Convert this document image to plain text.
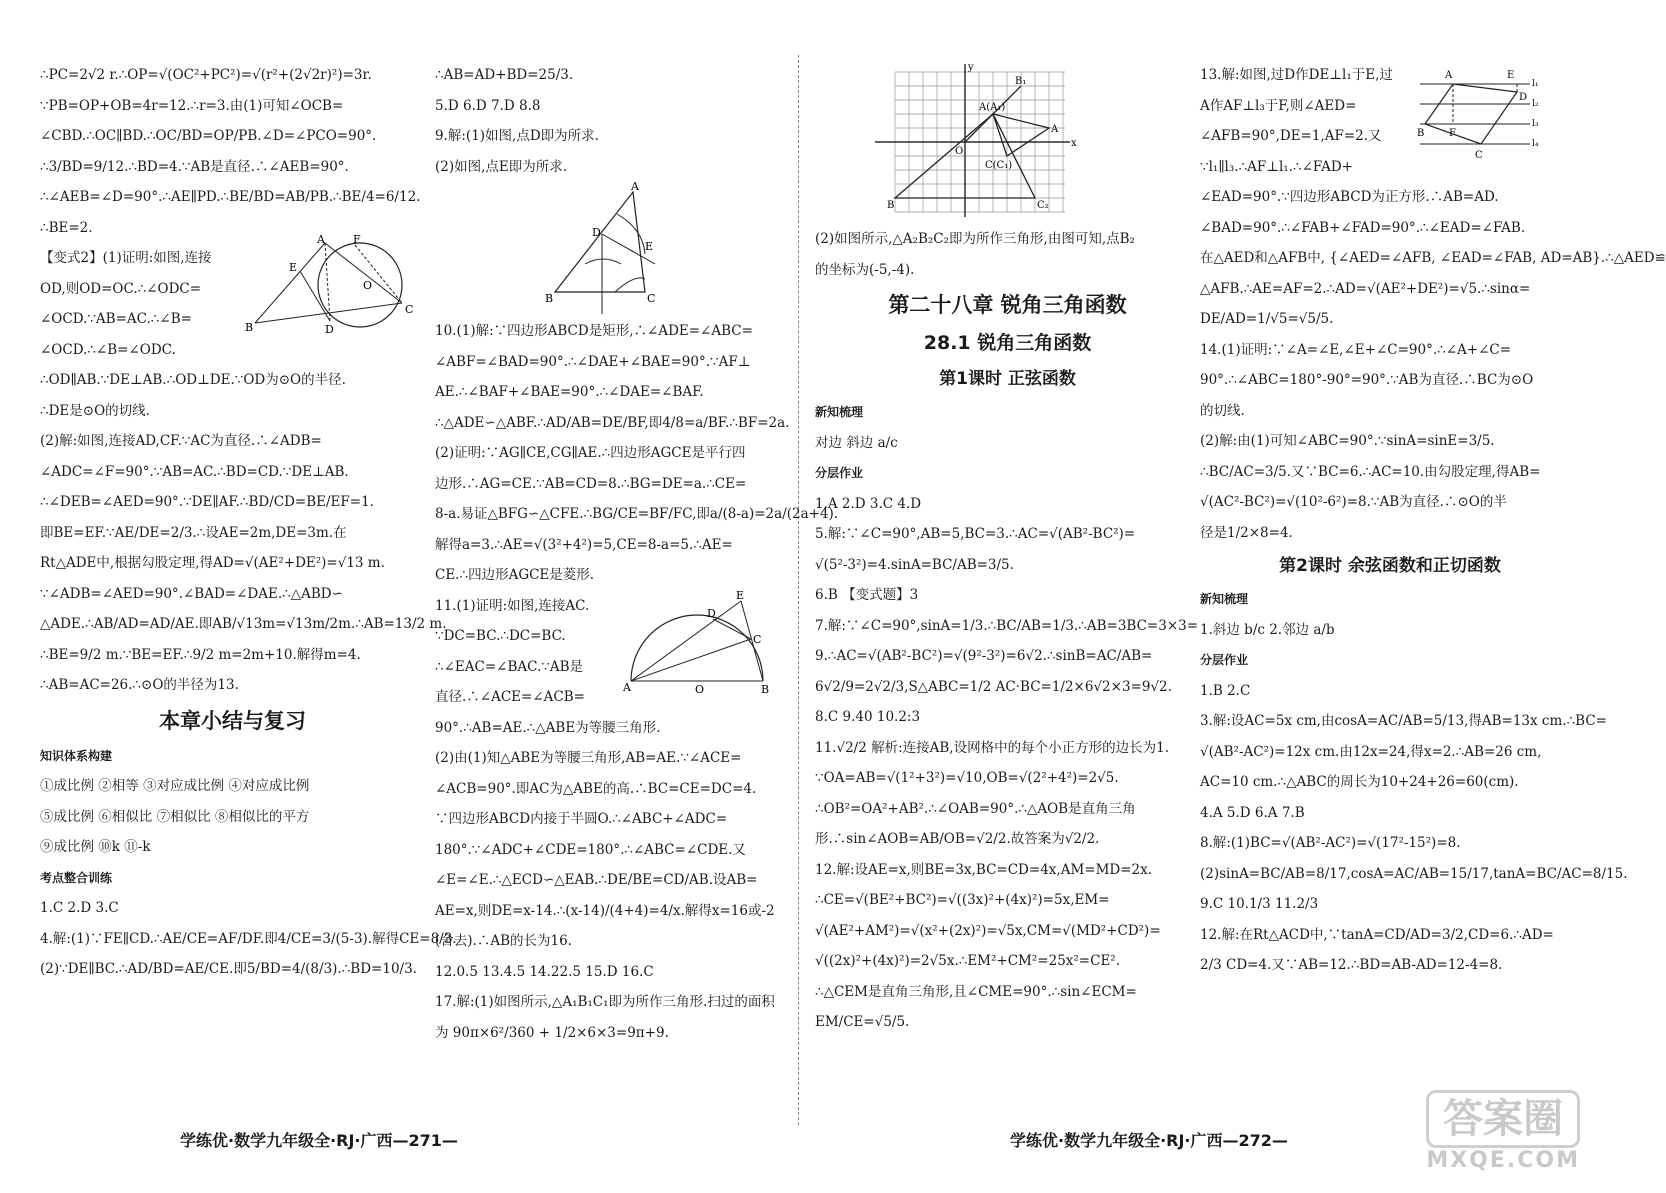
∴PC=2√2 r.∴OP=√(OC²+PC²)=√(r²+(2√2r)²)=3r.

∵PB=OP+OB=4r=12.∴r=3.由(1)可知∠OCB=

∠CBD.∴OC∥BD.∴OC/BD=OP/PB.∠D=∠PCO=90°.

∴3/BD=9/12.∴BD=4.∵AB是直径.∴∠AEB=90°.

∴∠AEB=∠D=90°.∴AE∥PD.∴BE/BD=AB/PB.∴BE/4=6/12.

∴BE=2.

【变式2】(1)证明:如图,连接

OD,则OD=OC.∴∠ODC=

∠OCD.∵AB=AC.∴∠B=

∠OCD.∴∠B=∠ODC.

B
E
A	F
O
D
C

∴OD∥AB.∵DE⊥AB.∴OD⊥DE.∵OD为⊙O的半径.

∴DE是⊙O的切线.

(2)解:如图,连接AD,CF.∵AC为直径.∴∠ADB=

∠ADC=∠F=90°.∵AB=AC.∴BD=CD.∵DE⊥AB.

∴∠DEB=∠AED=90°.∵DE∥AF.∴BD/CD=BE/EF=1.

即BE=EF.∵AE/DE=2/3.∴设AE=2m,DE=3m.在

Rt△ADE中,根据勾股定理,得AD=√(AE²+DE²)=√13 m.

∵∠ADB=∠AED=90°.∠BAD=∠DAE.∴△ABD∽

△ADE.∴AB/AD=AD/AE.即AB/√13m=√13m/2m.∴AB=13/2 m.

∴BE=9/2 m.∵BE=EF.∴9/2 m=2m+10.解得m=4.

∴AB=AC=26.∴⊙O的半径为13.

本章小结与复习

知识体系构建

①成比例 ②相等 ③对应成比例 ④对应成比例

⑤成比例 ⑥相似比 ⑦相似比 ⑧相似比的平方

⑨成比例 ⑩k ⑪-k

考点整合训练

1.C 2.D 3.C

4.解:(1)∵FE∥CD.∴AE/CE=AF/DF.即4/CE=3/(5-3).解得CE=8/3.

(2)∵DE∥BC.∴AD/BD=AE/CE.即5/BD=4/(8/3).∴BD=10/3.

∴AB=AD+BD=25/3.

5.D 6.D 7.D 8.8

9.解:(1)如图,点D即为所求.

(2)如图,点E即为所求.

A
D
E
B	C

10.(1)解:∵四边形ABCD是矩形,∴∠ADE=∠ABC=

∠ABF=∠BAD=90°.∴∠DAE+∠BAE=90°.∵AF⊥

AE.∴∠BAF+∠BAE=90°.∴∠DAE=∠BAF.

∴△ADE∽△ABF.∴AD/AB=DE/BF,即4/8=a/BF.∴BF=2a.

(2)证明:∵AG∥CE,CG∥AE.∴四边形AGCE是平行四

边形.∴AG=CE.∵AB=CD=8.∴BG=DE=a.∴CE=

8-a.易证△BFG∽△CFE.∴BG/CE=BF/FC,即a/(8-a)=2a/(2a+4).

解得a=3.∴AE=√(3²+4²)=5,CE=8-a=5.∴AE=

CE.∴四边形AGCE是菱形.

11.(1)证明:如图,连接AC.

∵DC=BC.∴DC=BC.

∴∠EAC=∠BAC.∵AB是

直径.∴∠ACE=∠ACB=

E
D
C
A	O	B

90°.∴AB=AE.∴△ABE为等腰三角形.

(2)由(1)知△ABE为等腰三角形,AB=AE.∵∠ACE=

∠ACB=90°.即AC为△ABE的高.∴BC=CE=DC=4.

∵四边形ABCD内接于半圆O.∴∠ABC+∠ADC=

180°.∵∠ADC+∠CDE=180°.∴∠ABC=∠CDE.又

∠E=∠E.∴△ECD∽△EAB.∴DE/BE=CD/AB.设AB=

AE=x,则DE=x-14.∴(x-14)/(4+4)=4/x.解得x=16或-2

(舍去).∴AB的长为16.

12.0.5 13.4.5 14.22.5 15.D 16.C

17.解:(1)如图所示,△A₁B₁C₁即为所作三角形.扫过的面积

为 90π×6²/360 + 1/2×6×3=9π+9.

y
x
O
A(A₁)
B₁
A
C(C₁)
B	C₂

(2)如图所示,△A₂B₂C₂即为所作三角形,由图可知,点B₂

的坐标为(-5,-4).

第二十八章 锐角三角函数

28.1 锐角三角函数

第1课时 正弦函数

新知梳理

对边 斜边 a/c

分层作业

1.A 2.D 3.C 4.D

5.解:∵∠C=90°,AB=5,BC=3.∴AC=√(AB²-BC²)=

√(5²-3²)=4.sinA=BC/AB=3/5.

6.B 【变式题】3

7.解:∵∠C=90°,sinA=1/3.∴BC/AB=1/3.∴AB=3BC=3×3=

9.∴AC=√(AB²-BC²)=√(9²-3²)=6√2.∴sinB=AC/AB=

6√2/9=2√2/3,S△ABC=1/2 AC·BC=1/2×6√2×3=9√2.

8.C 9.40 10.2:3

11.√2/2 解析:连接AB,设网格中的每个小正方形的边长为1.

∵OA=AB=√(1²+3²)=√10,OB=√(2²+4²)=2√5.

∴OB²=OA²+AB².∴∠OAB=90°.∴△AOB是直角三角

形.∴sin∠AOB=AB/OB=√2/2.故答案为√2/2.

12.解:设AE=x,则BE=3x,BC=CD=4x,AM=MD=2x.

∴CE=√(BE²+BC²)=√((3x)²+(4x)²)=5x,EM=

√(AE²+AM²)=√(x²+(2x)²)=√5x,CM=√(MD²+CD²)=

√((2x)²+(4x)²)=2√5x.∴EM²+CM²=25x²=CE².

∴△CEM是直角三角形,且∠CME=90°.∴sin∠ECM=

EM/CE=√5/5.

13.解:如图,过D作DE⊥l₁于E,过

A作AF⊥l₃于F,则∠AED=

∠AFB=90°,DE=1,AF=2.又

∵l₁∥l₃.∴AF⊥l₁.∴∠FAD+

A	E
D
B F
C
l₁
l₂
l₃
l₄

∠EAD=90°.∵四边形ABCD为正方形.∴AB=AD.

∠BAD=90°.∴∠FAB+∠FAD=90°.∴∠EAD=∠FAB.

在△AED和△AFB中, {∠AED=∠AFB, ∠EAD=∠FAB, AD=AB}.∴△AED≌

△AFB.∴AE=AF=2.∴AD=√(AE²+DE²)=√5.∴sinα=

DE/AD=1/√5=√5/5.

14.(1)证明:∵∠A=∠E,∠E+∠C=90°.∴∠A+∠C=

90°.∴∠ABC=180°-90°=90°.∵AB为直径.∴BC为⊙O

的切线.

(2)解:由(1)可知∠ABC=90°.∵sinA=sinE=3/5.

∴BC/AC=3/5.又∵BC=6.∴AC=10.由勾股定理,得AB=

√(AC²-BC²)=√(10²-6²)=8.∵AB为直径.∴⊙O的半

径是1/2×8=4.

第2课时 余弦函数和正切函数

新知梳理

1.斜边 b/c 2.邻边 a/b

分层作业

1.B 2.C

3.解:设AC=5x cm,由cosA=AC/AB=5/13,得AB=13x cm.∴BC=

√(AB²-AC²)=12x cm.由12x=24,得x=2.∴AB=26 cm,

AC=10 cm.∴△ABC的周长为10+24+26=60(cm).

4.A 5.D 6.A 7.B

8.解:(1)BC=√(AB²-AC²)=√(17²-15²)=8.

(2)sinA=BC/AB=8/17,cosA=AC/AB=15/17,tanA=BC/AC=8/15.

9.C 10.1/3 11.2/3

12.解:在Rt△ACD中,∵tanA=CD/AD=3/2,CD=6.∴AD=

2/3 CD=4.又∵AB=12.∴BD=AB-AD=12-4=8.

学练优·数学九年级全·RJ·广西—271—	学练优·数学九年级全·RJ·广西—272—	答案圈
MXQE.COM
